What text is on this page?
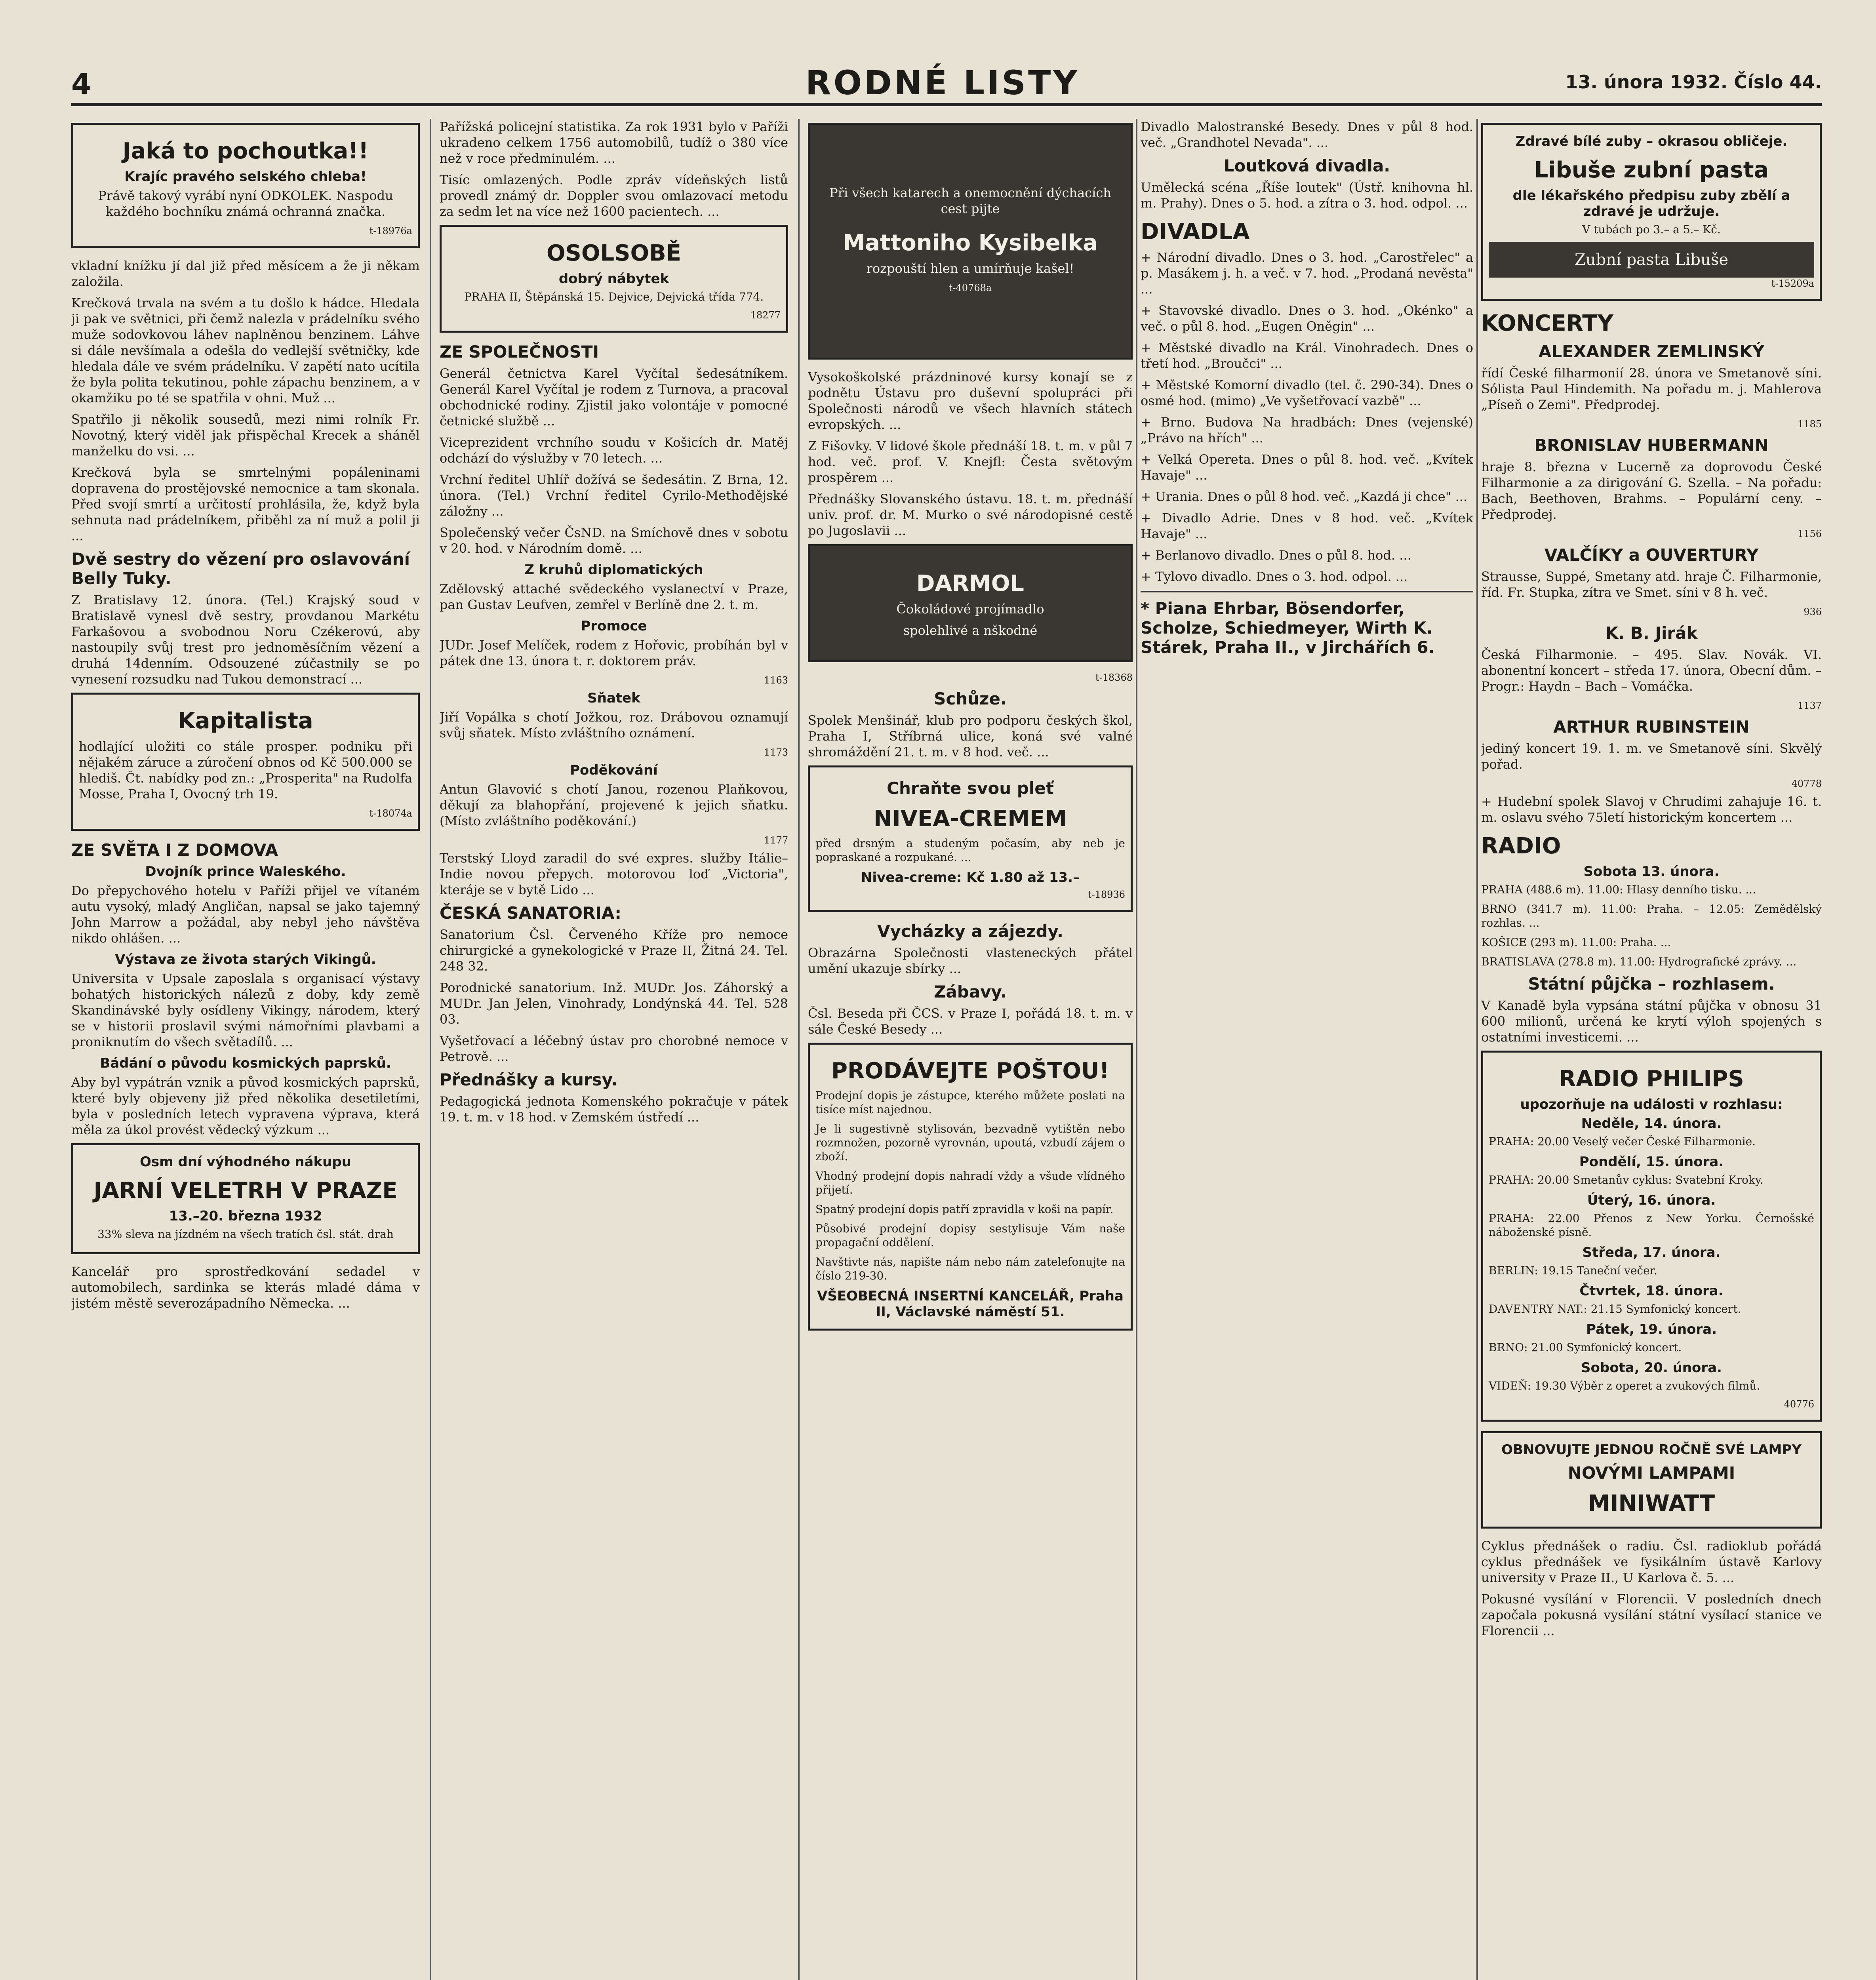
4	RODNÉ LISTY	13. února 1932. Číslo 44.
Jaká to pochoutka!!
Krajíc pravého selského chleba!

Právě takový vyrábí nyní ODKOLEK. Naspodu každého bochníku známá ochranná značka.

t-18976a

vkladní knížku jí dal již před měsícem a že ji někam založila.

Krečková trvala na svém a tu došlo k hádce. Hledala ji pak ve světnici, při čemž nalezla v prádelníku svého muže sodovkovou láhev naplněnou benzinem. Láhve si dále nevšímala a odešla do vedlejší světničky, kde hledala dále ve svém prádelníku. V zapětí nato ucítila že byla polita tekutinou, pohle zápachu benzinem, a v okamžiku po té se spatřila v ohni. Muž ...

Spatřilo ji několik sousedů, mezi nimi rolník Fr. Novotný, který viděl jak přispěchal Krecek a sháněl manželku do vsi. ...

Krečková byla se smrtelnými popáleninami dopravena do prostějovské nemocnice a tam skonala. Před svojí smrtí a určitostí prohlásila, že, když byla sehnuta nad prádelníkem, přiběhl za ní muž a polil ji ...

Dvě sestry do vězení pro oslavování Belly Tuky.

Z Bratislavy 12. února. (Tel.) Krajský soud v Bratislavě vynesl dvě sestry, provdanou Markétu Farkašovou a svobodnou Noru Czékerovú, aby nastoupily svůj trest pro jednoměsíčním vězení a druhá 14denním. Odsouzené zúčastnily se po vynesení rozsudku nad Tukou demonstrací ...

Kapitalista

hodlající uložiti co stále prosper. podniku při nějakém záruce a zúročení obnos od Kč 500.000 se hlediš. Čt. nabídky pod zn.: „Prosperita" na Rudolfa Mosse, Praha I, Ovocný trh 19.

t-18074a
ZE SVĚTA I Z DOMOVA
Dvojník prince Waleského.

Do přepychového hotelu v Paříži přijel ve vítaném autu vysoký, mladý Angličan, napsal se jako tajemný John Marrow a požádal, aby nebyl jeho návštěva nikdo ohlášen. ...

Výstava ze života starých Vikingů.

Universita v Upsale zaposlala s organisací výstavy bohatých historických nálezů z doby, kdy země Skandinávské byly osídleny Vikingy, národem, který se v historii proslavil svými námořními plavbami a proniknutím do všech světadílů. ...

Bádání o původu kosmických paprsků.

Aby byl vypátrán vznik a původ kosmických paprsků, které byly objeveny již před několika desetiletími, byla v posledních letech vypravena výprava, která měla za úkol provést vědecký výzkum ...

Osm dní výhodného nákupu
JARNÍ VELETRH V PRAZE
13.–20. března 1932

33% sleva na jízdném na všech tratích čsl. stát. drah

Kancelář pro sprostředkování sedadel v automobilech, sardinka se kterás mladé dáma v jistém městě severozápadního Německa. ...

Pařížská policejní statistika. Za rok 1931 bylo v Paříži ukradeno celkem 1756 automobilů, tudíž o 380 více než v roce předminulém. ...

Tisíc omlazených. Podle zpráv vídeňských listů provedl známý dr. Doppler svou omlazovací metodu za sedm let na více než 1600 pacientech. ...

OSOLSOBĚ
dobrý nábytek

PRAHA II, Štěpánská 15. Dejvice, Dejvická třída 774.

18277
ZE SPOLEČNOSTI

Generál četnictva Karel Vyčítal šedesátníkem. Generál Karel Vyčítal je rodem z Turnova, a pracoval obchodnické rodiny. Zjistil jako volontáje v pomocné četnické službě ...

Viceprezident vrchního soudu v Košicích dr. Matěj odchází do výslužby v 70 letech. ...

Vrchní ředitel Uhlíř dožívá se šedesátin. Z Brna, 12. února. (Tel.) Vrchní ředitel Cyrilo-Methodějské záložny ...

Společenský večer ČsND. na Smíchově dnes v sobotu v 20. hod. v Národním domě. ...

Z kruhů diplomatických

Zdělovský attaché svědeckého vyslanectví v Praze, pan Gustav Leufven, zemřel v Berlíně dne 2. t. m.

Promoce

JUDr. Josef Melíček, rodem z Hořovic, probíhán byl v pátek dne 13. února t. r. doktorem práv.

1163
Sňatek

Jiří Vopálka s chotí Jožkou, roz. Drábovou oznamují svůj sňatek. Místo zvláštního oznámení.

1173
Poděkování

Antun Glavović s chotí Janou, rozenou Plaňkovou, děkují za blahopřání, projevené k jejich sňatku. (Místo zvláštního poděkování.)

1177

Terstský Lloyd zaradil do své expres. služby Itálie–Indie novou přepych. motorovou loď „Victoria", kteráje se v bytě Lido ...

ČESKÁ SANATORIA:

Sanatorium Čsl. Červeného Kříže pro nemoce chirurgické a gynekologické v Praze II, Žitná 24. Tel. 248 32.

Porodnické sanatorium. Inž. MUDr. Jos. Záhorský a MUDr. Jan Jelen, Vinohrady, Londýnská 44. Tel. 528 03.

Vyšetřovací a léčebný ústav pro chorobné nemoce v Petrově. ...

Přednášky a kursy.

Pedagogická jednota Komenského pokračuje v pátek 19. t. m. v 18 hod. v Zemském ústředí ...

Při všech katarech a onemocnění dýchacích cest pijte

Mattoniho Kysibelka

rozpouští hlen a umírňuje kašel!

t-40768a

Vysokoškolské prázdninové kursy konají se z podnětu Ústavu pro duševní spolupráci při Společnosti národů ve všech hlavních státech evropských. ...

Z Fišovky. V lidové škole přednáší 18. t. m. v půl 7 hod. več. prof. V. Knejfl: Česta světovým prospěrem ...

Přednášky Slovanského ústavu. 18. t. m. přednáší univ. prof. dr. M. Murko o své národopisné cestě po Jugoslavii ...

DARMOL

Čokoládové projímadlo

spolehlivé a nškodné

t-18368
Schůze.

Spolek Menšinář, klub pro podporu českých škol, Praha I, Stříbrná ulice, koná své valné shromáždění 21. t. m. v 8 hod. več. ...

Chraňte svou pleť
NIVEA-CREMEM

před drsným a studeným počasím, aby neb je popraskané a rozpukané. ...

Nivea-creme: Kč 1.80 až 13.–
t-18936
Vycházky a zájezdy.

Obrazárna Společnosti vlasteneckých přátel umění ukazuje sbírky ...

Zábavy.

Čsl. Beseda při ČCS. v Praze I, pořádá 18. t. m. v sále České Besedy ...

PRODÁVEJTE POŠTOU!

Prodejní dopis je zástupce, kterého můžete poslati na tisíce míst najednou.

Je li sugestivně stylisován, bezvadně vytištěn nebo rozmnožen, pozorně vyrovnán, upoutá, vzbudí zájem o zboží.

Vhodný prodejní dopis nahradí vždy a všude vlídného přijetí.

Spatný prodejní dopis patří zpravidla v koši na papír.

Působivé prodejní dopisy sestylisuje Vám naše propagační oddělení.

Navštivte nás, napište nám nebo nám zatelefonujte na číslo 219-30.

VŠEOBECNÁ INSERTNÍ KANCELÁŘ, Praha II, Václavské náměstí 51.

Divadlo Malostranské Besedy. Dnes v půl 8 hod. več. „Grandhotel Nevada". ...

Loutková divadla.

Umělecká scéna „Říše loutek" (Ústř. knihovna hl. m. Prahy). Dnes o 5. hod. a zítra o 3. hod. odpol. ...

DIVADLA

+ Národní divadlo. Dnes o 3. hod. „Carostřelec" a p. Masákem j. h. a več. v 7. hod. „Prodaná nevěsta" ...

+ Stavovské divadlo. Dnes o 3. hod. „Okénko" a več. o půl 8. hod. „Eugen Oněgin" ...

+ Městské divadlo na Král. Vinohradech. Dnes o třetí hod. „Broučci" ...

+ Městské Komorní divadlo (tel. č. 290-34). Dnes o osmé hod. (mimo) „Ve vyšetřovací vazbě" ...

+ Brno. Budova Na hradbách: Dnes (vejenské) „Právo na hřích" ...

+ Velká Opereta. Dnes o půl 8. hod. več. „Kvítek Havaje" ...

+ Urania. Dnes o půl 8 hod. več. „Kazdá ji chce" ...

+ Divadlo Adrie. Dnes v 8 hod. več. „Kvítek Havaje" ...

+ Berlanovo divadlo. Dnes o půl 8. hod. ...

+ Tylovo divadlo. Dnes o 3. hod. odpol. ...

* Piana Ehrbar, Bösendorfer, Scholze, Schiedmeyer, Wirth K. Stárek, Praha II., v Jirchářích 6.
Zdravé bílé zuby – okrasou obličeje.
Libuše zubní pasta
dle lékařského předpisu zuby zbělí a zdravé je udržuje.

V tubách po 3.– a 5.– Kč.

Zubní pasta Libuše
t-15209a
KONCERTY
ALEXANDER ZEMLINSKÝ

řídí České filharmonií 28. února ve Smetanově síni. Sólista Paul Hindemith. Na pořadu m. j. Mahlerova „Píseň o Zemi". Předprodej.

1185
BRONISLAV HUBERMANN

hraje 8. března v Lucerně za doprovodu České Filharmonie a za dirigování G. Szella. – Na pořadu: Bach, Beethoven, Brahms. – Populární ceny. – Předprodej.

1156
VALČÍKY a OUVERTURY

Strausse, Suppé, Smetany atd. hraje Č. Filharmonie, říd. Fr. Stupka, zítra ve Smet. síni v 8 h. več.

936
K. B. Jirák

Česká Filharmonie. – 495. Slav. Novák. VI. abonentní koncert – středa 17. února, Obecní dům. – Progr.: Haydn – Bach – Vomáčka.

1137
ARTHUR RUBINSTEIN

jediný koncert 19. 1. m. ve Smetanově síni. Skvělý pořad.

40778

+ Hudební spolek Slavoj v Chrudimi zahajuje 16. t. m. oslavu svého 75letí historickým koncertem ...

RADIO
Sobota 13. února.

PRAHA (488.6 m). 11.00: Hlasy denního tisku. ...

BRNO (341.7 m). 11.00: Praha. – 12.05: Zemědělský rozhlas. ...

KOŠICE (293 m). 11.00: Praha. ...

BRATISLAVA (278.8 m). 11.00: Hydrografické zprávy. ...

Státní půjčka – rozhlasem.

V Kanadě byla vypsána státní půjčka v obnosu 31 600 milionů, určená ke krytí výloh spojených s ostatními investicemi. ...

RADIO PHILIPS
upozorňuje na události v rozhlasu:
Neděle, 14. února.

PRAHA: 20.00 Veselý večer České Filharmonie.

Pondělí, 15. února.

PRAHA: 20.00 Smetanův cyklus: Svatební Kroky.

Úterý, 16. února.

PRAHA: 22.00 Přenos z New Yorku. Černošské náboženské písně.

Středa, 17. února.

BERLIN: 19.15 Taneční večer.

Čtvrtek, 18. února.

DAVENTRY NAT.: 21.15 Symfonický koncert.

Pátek, 19. února.

BRNO: 21.00 Symfonický koncert.

Sobota, 20. února.

VIDEŇ: 19.30 Výběr z operet a zvukových filmů.

40776
OBNOVUJTE JEDNOU ROČNĚ SVÉ LAMPY
NOVÝMI LAMPAMI
MINIWATT

Cyklus přednášek o radiu. Čsl. radioklub pořádá cyklus přednášek ve fysikálním ústavě Karlovy university v Praze II., U Karlova č. 5. ...

Pokusné vysílání v Florencii. V posledních dnech započala pokusná vysílání státní vysílací stanice ve Florencii ...
